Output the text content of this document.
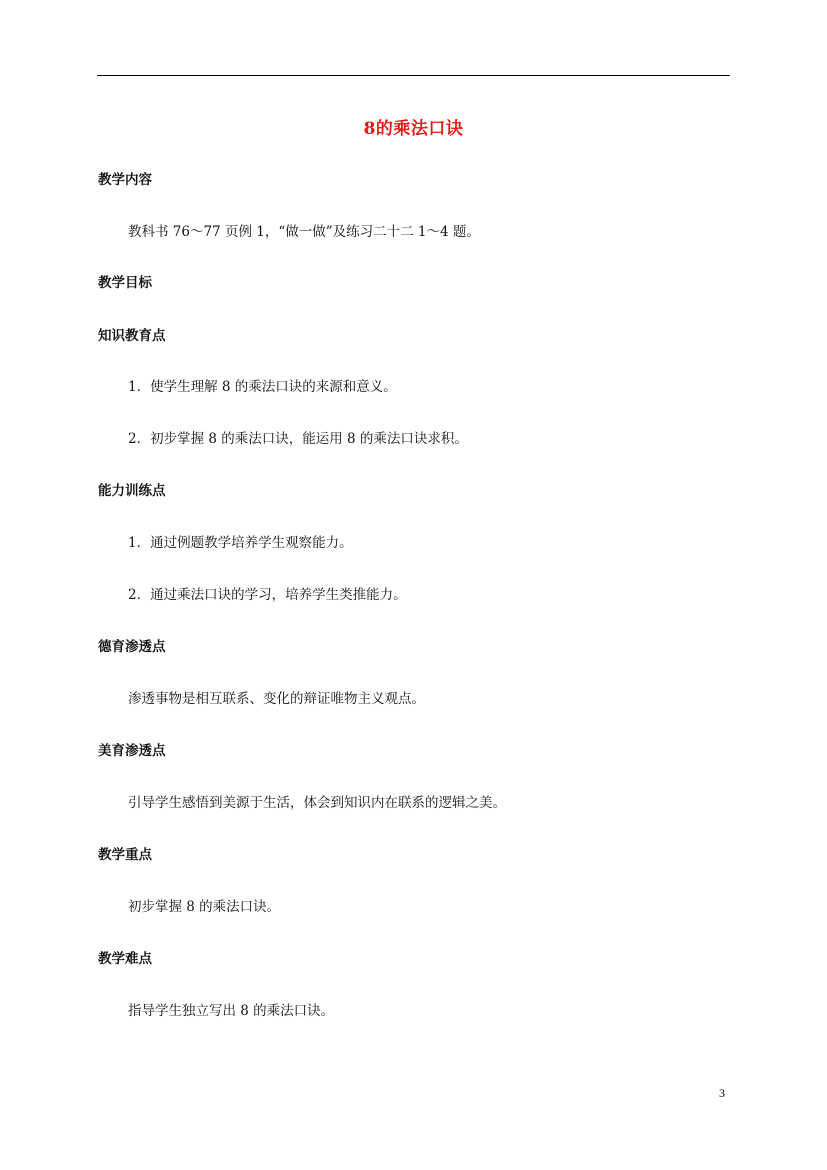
8的乘法口诀
教学内容
教科书 76～77 页例 1，“做一做”及练习二十二 1～4 题。
教学目标
知识教育点
1．使学生理解 8 的乘法口诀的来源和意义。
2．初步掌握 8 的乘法口诀，能运用 8 的乘法口诀求积。
能力训练点
1．通过例题教学培养学生观察能力。
2．通过乘法口诀的学习，培养学生类推能力。
德育渗透点
渗透事物是相互联系、变化的辩证唯物主义观点。
美育渗透点
引导学生感悟到美源于生活，体会到知识内在联系的逻辑之美。
教学重点
初步掌握 8 的乘法口诀。
教学难点
指导学生独立写出 8 的乘法口诀。
3
